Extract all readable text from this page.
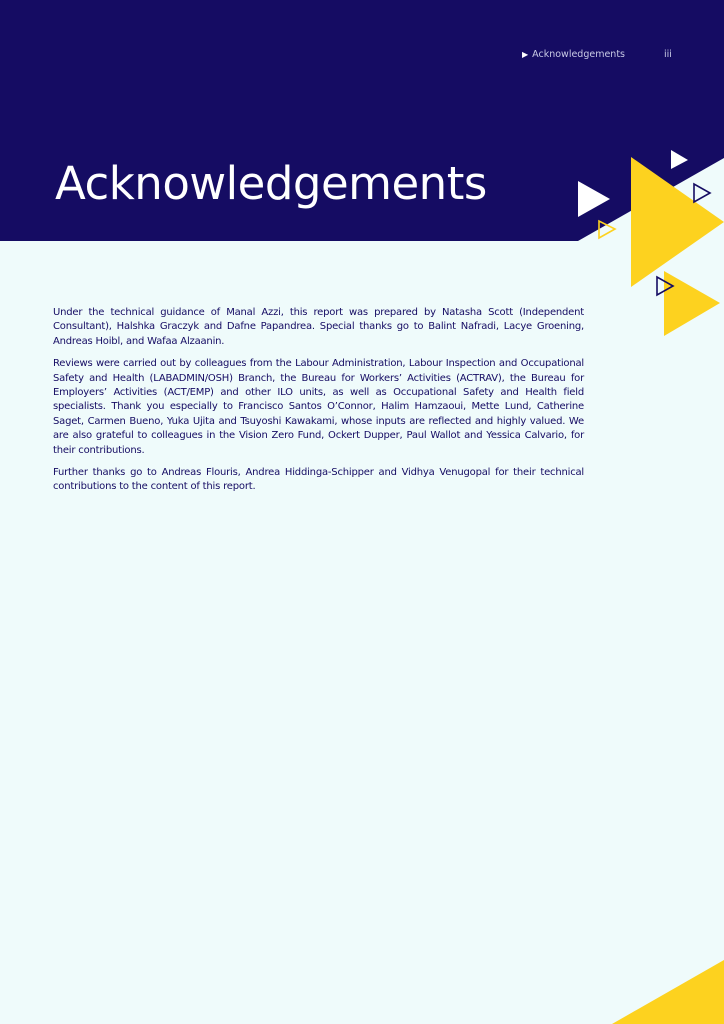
▶ Acknowledgements	iii
Acknowledgements

Under the technical guidance of Manal Azzi, this report was prepared by Natasha Scott (Independent Consultant), Halshka Graczyk and Dafne Papandrea. Special thanks go to Balint Nafradi, Lacye Groening, Andreas Hoibl, and Wafaa Alzaanin.

Reviews were carried out by colleagues from the Labour Administration, Labour Inspection and Occupational Safety and Health (LABADMIN/OSH) Branch, the Bureau for Workers’ Activities (ACTRAV), the Bureau for Employers’ Activities (ACT/EMP) and other ILO units, as well as Occupational Safety and Health field specialists. Thank you especially to Francisco Santos O’Connor, Halim Hamzaoui, Mette Lund, Catherine Saget, Carmen Bueno, Yuka Ujita and Tsuyoshi Kawakami, whose inputs are reflected and highly valued. We are also grateful to colleagues in the Vision Zero Fund, Ockert Dupper, Paul Wallot and Yessica Calvario, for their contributions.

Further thanks go to Andreas Flouris, Andrea Hiddinga-Schipper and Vidhya Venugopal for their technical contributions to the content of this report.
